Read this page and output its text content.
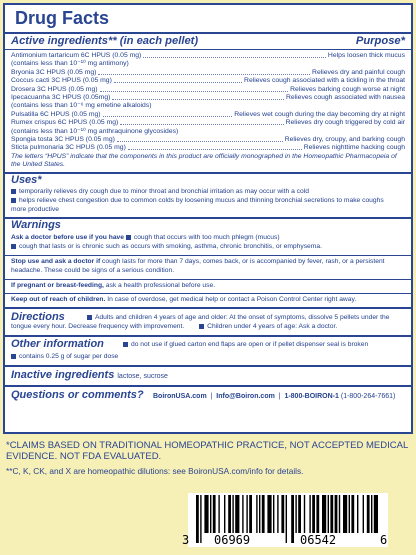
Drug Facts
Active ingredients** (in each pellet)	Purpose*
Antimonium tartaricum 6C HPUS (0.05 mg)	Helps loosen thick mucus
(contains less than 10⁻¹⁰ mg antimony)
Bryonia 3C HPUS (0.05 mg)	Relieves dry and painful cough
Coccus cacti 3C HPUS (0.05 mg)	Relieves cough associated with a tickling in the throat
Drosera 3C HPUS (0.05 mg)	Relieves barking cough worse at night
Ipecacuanha 3C HPUS (0.05mg)	Relieves cough associated with nausea
(contains less than 10⁻⁶ mg emetine alkaloids)
Pulsatilla 6C HPUS (0.05 mg)	Relieves wet cough during the day becoming dry at night
Rumex crispus 6C HPUS (0.05 mg)	Relieves dry cough triggered by cold air
(contains less than 10⁻¹⁰ mg anthraquinone glycosides)
Spongia tosta 3C HPUS (0.05 mg)	Relieves dry, croupy, and barking cough
Sticta pulmonaria 3C HPUS (0.05 mg)	Relieves nighttime hacking cough
The letters “HPUS” indicate that the components in this product are officially monographed in the Homeopathic Pharmacopeia of the United States.
Uses*
temporarily relieves dry cough due to minor throat and bronchial irritation as may occur with a cold
helps relieve chest congestion due to common colds by loosening mucus and thinning bronchial secretions to make coughs
more productive
Warnings
Ask a doctor before use if you have cough that occurs with too much phlegm (mucus)
cough that lasts or is chronic such as occurs with smoking, asthma, chronic bronchitis, or emphysema.
Stop use and ask a doctor if cough lasts for more than 7 days, comes back, or is accompanied by fever, rash, or a persistent
headache. These could be signs of a serious condition.
If pregnant or breast-feeding, ask a health professional before use.
Keep out of reach of children. In case of overdose, get medical help or contact a Poison Control Center right away.
Directions	Adults and children 4 years of age and older: At the onset of symptoms, dissolve 5 pellets under the
tongue every hour. Decrease frequency with improvement.	Children under 4 years of age: Ask a doctor.
Other information	do not use if glued carton end flaps are open or if pellet dispenser seal is broken
contains 0.25 g of sugar per dose
Inactive ingredients lactose, sucrose
Questions or comments? BoironUSA.com  |  Info@Boiron.com  |  1-800-BOIRON-1 (1-800-264-7661)
*CLAIMS BASED ON TRADITIONAL HOMEOPATHIC PRACTICE, NOT ACCEPTED MEDICAL EVIDENCE. NOT FDA EVALUATED.
**C, K, CK, and X are homeopathic dilutions: see BoironUSA.com/info for details.
3 06969	06542	6
